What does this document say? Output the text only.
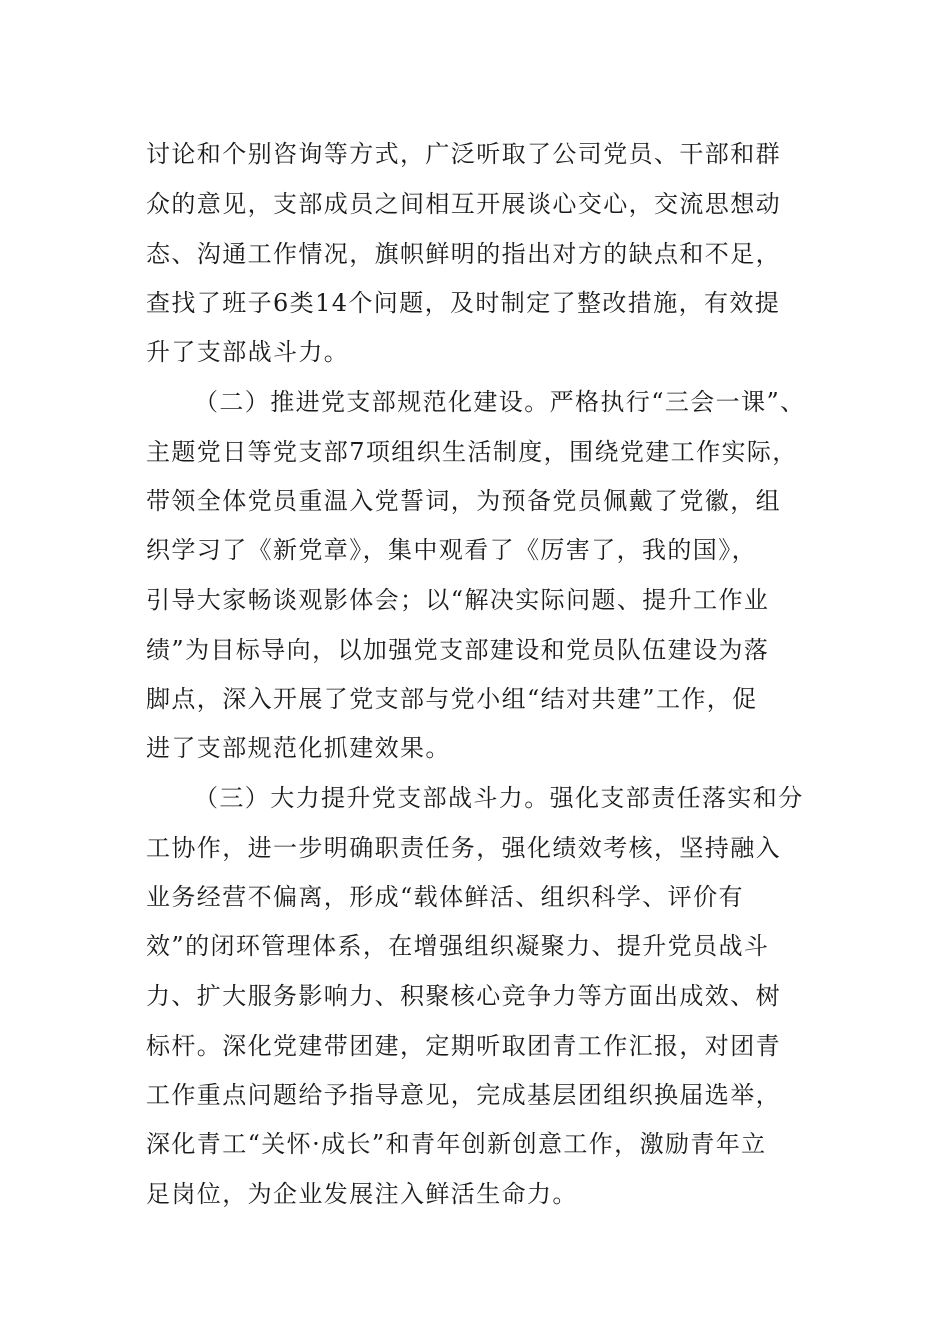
讨论和个别咨询等方式，广泛听取了公司党员、干部和群
众的意见，支部成员之间相互开展谈心交心，交流思想动
态、沟通工作情况，旗帜鲜明的指出对方的缺点和不足，
查找了班子6类14个问题，及时制定了整改措施，有效提
升了支部战斗力。
（二）推进党支部规范化建设。严格执行“三会一课”、
主题党日等党支部7项组织生活制度，围绕党建工作实际，
带领全体党员重温入党誓词，为预备党员佩戴了党徽，组
织学习了《新党章》，集中观看了《厉害了，我的国》，
引导大家畅谈观影体会；以“解决实际问题、提升工作业
绩”为目标导向，以加强党支部建设和党员队伍建设为落
脚点，深入开展了党支部与党小组“结对共建”工作，促
进了支部规范化抓建效果。
（三）大力提升党支部战斗力。强化支部责任落实和分
工协作，进一步明确职责任务，强化绩效考核，坚持融入
业务经营不偏离，形成“载体鲜活、组织科学、评价有
效”的闭环管理体系，在增强组织凝聚力、提升党员战斗
力、扩大服务影响力、积聚核心竞争力等方面出成效、树
标杆。深化党建带团建，定期听取团青工作汇报，对团青
工作重点问题给予指导意见，完成基层团组织换届选举，
深化青工“关怀·成长”和青年创新创意工作，激励青年立
足岗位，为企业发展注入鲜活生命力。
